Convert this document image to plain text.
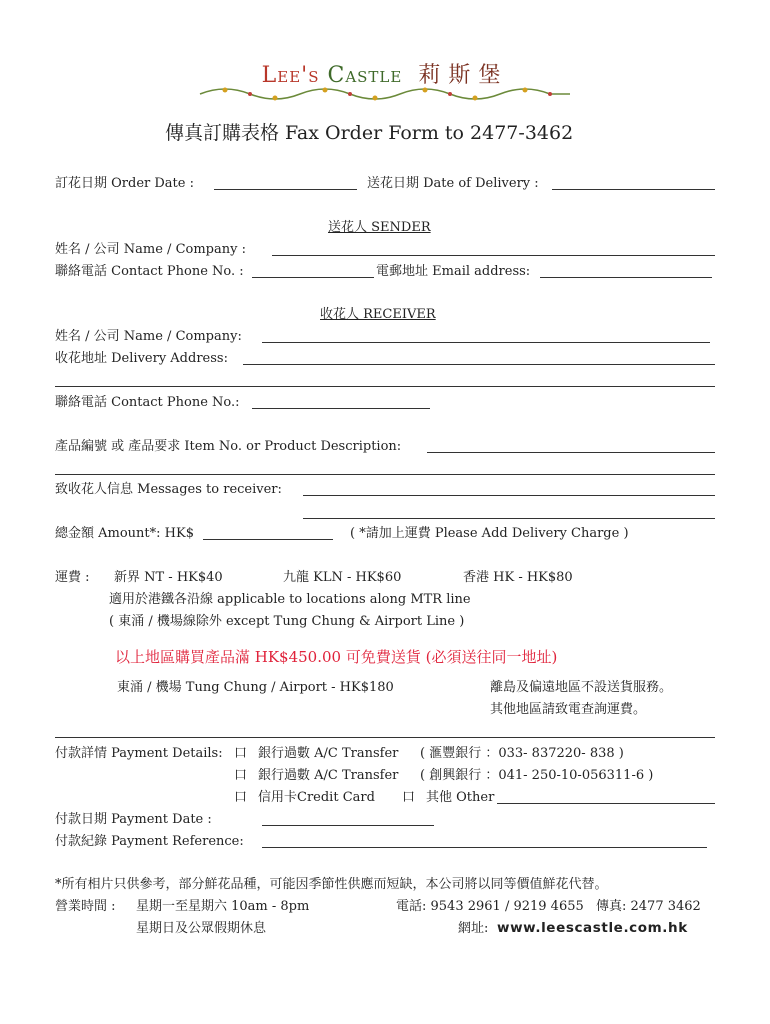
Lee's Castle 莉斯堡
傳真訂購表格 Fax Order Form to 2477-3462
訂花日期 Order Date :	送花日期 Date of Delivery :
送花人 SENDER
姓名 / 公司 Name / Company :
聯絡電話 Contact Phone No. :	電郵地址 Email address:
收花人 RECEIVER
姓名 / 公司 Name / Company:
收花地址 Delivery Address:
聯絡電話 Contact Phone No.:
產品編號 或 產品要求 Item No. or Product Description:
致收花人信息 Messages to receiver:
總金額 Amount*: HK$	( *請加上運費 Please Add Delivery Charge )
運費 : 新界 NT - HK$40	九龍 KLN - HK$60	香港 HK - HK$80
適用於港鐵各沿線 applicable to locations along MTR line
( 東涌 / 機場線除外 except Tung Chung & Airport Line )
以上地區購買產品滿 HK$450.00 可免費送貨 (必須送往同一地址)
東涌 / 機場 Tung Chung / Airport - HK$180	離島及偏遠地區不設送貨服務。
其他地區請致電查詢運費。
付款詳情 Payment Details: 口 銀行過數 A/C Transfer ( 滙豐銀行 ：033- 837220- 838 )
口 銀行過數 A/C Transfer ( 創興銀行 ：041- 250-10-056311-6 )
口 信用卡Credit Card 口 其他 Other
付款日期 Payment Date :
付款紀錄 Payment Reference:
*所有相片只供參考，部分鮮花品種，可能因季節性供應而短缺，本公司將以同等價值鮮花代替。
營業時間 : 星期一至星期六 10am - 8pm	電話: 9543 2961 / 9219 4655 傳真: 2477 3462
星期日及公眾假期休息	網址: www.leescastle.com.hk
